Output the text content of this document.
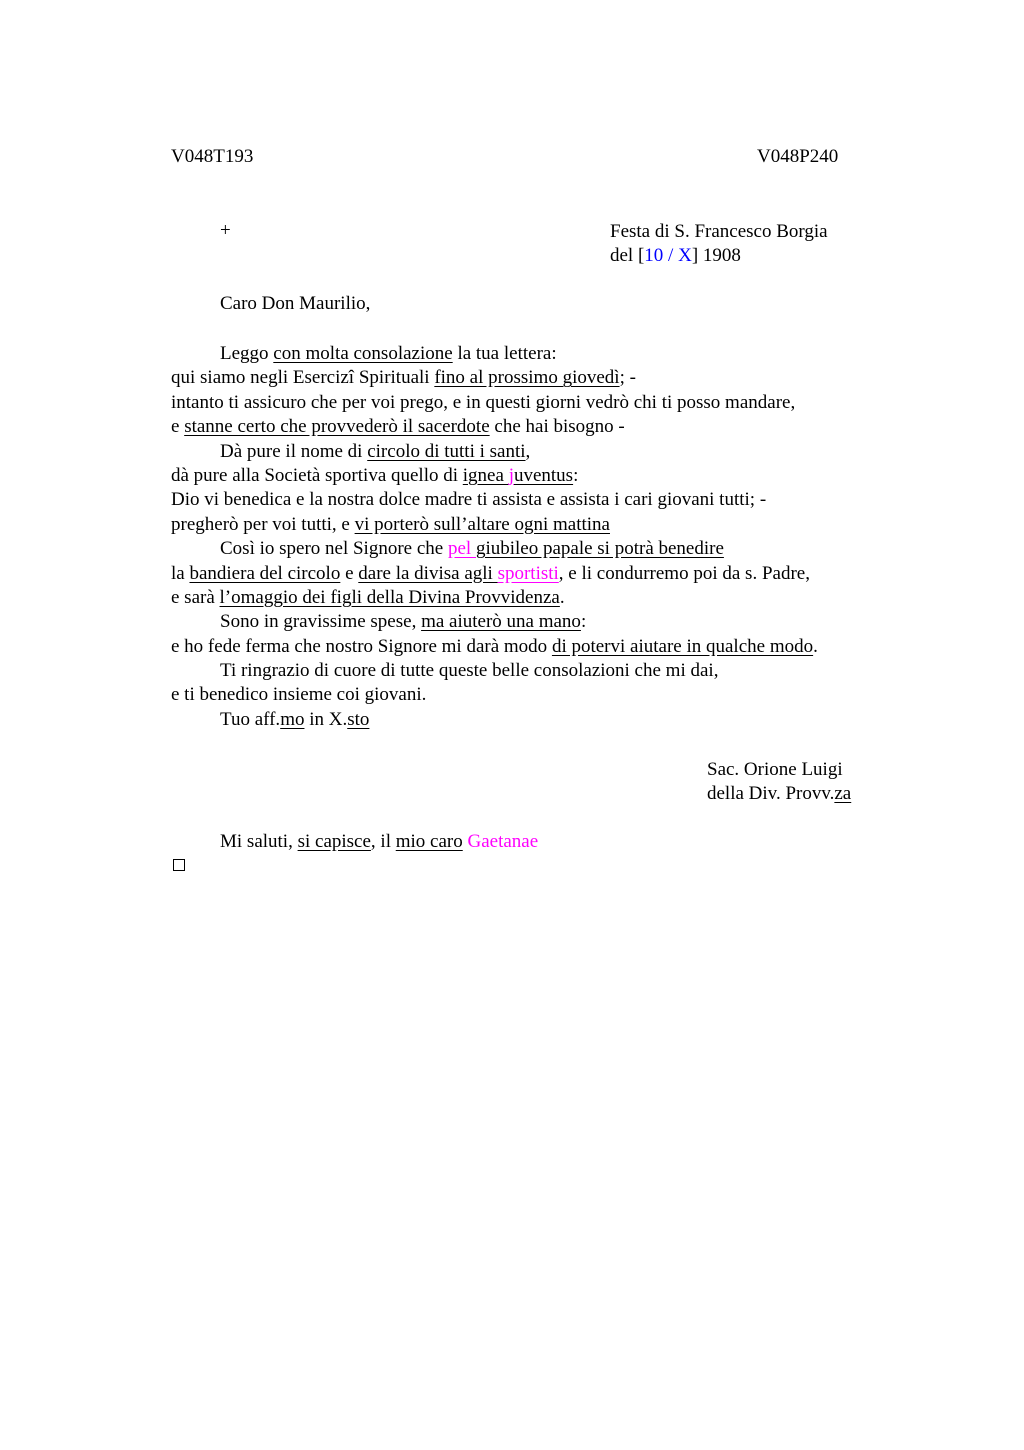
V048T193	V048P240
+	Festa di S. Francesco Borgia
del [10 / X] 1908
Caro Don Maurilio,
Leggo con molta consolazione la tua lettera:
qui siamo negli Esercizi Spirituali fino al prossimo giovedì; -
intanto ti assicuro che per voi prego, e in questi giorni vedrò chi ti posso mandare,
e stanne certo che provvederò il sacerdote che hai bisogno -
Dà pure il nome di circolo di tutti i santi,
dà pure alla Società sportiva quello di ignea juventus:
Dio vi benedica e la nostra dolce madre ti assista e assista i cari giovani tutti; -
pregherò per voi tutti, e vi porterò sull’altare ogni mattina
Così io spero nel Signore che pel giubileo papale si potrà benedire
la bandiera del circolo e dare la divisa agli sportisti, e li condurremo poi da s. Padre,
e sarà l’omaggio dei figli della Divina Provvidenza.
Sono in gravissime spese, ma aiuterò una mano:
e ho fede ferma che nostro Signore mi darà modo di potervi aiutare in qualche modo.
Ti ringrazio di cuore di tutte queste belle consolazioni che mi dai,
e ti benedico insieme coi giovani.
Tuo aff.mo in X.sto
Sac. Orione Luigi
della Div. Provv.za
Mi saluti, si capisce, il mio caro Gaetanae
